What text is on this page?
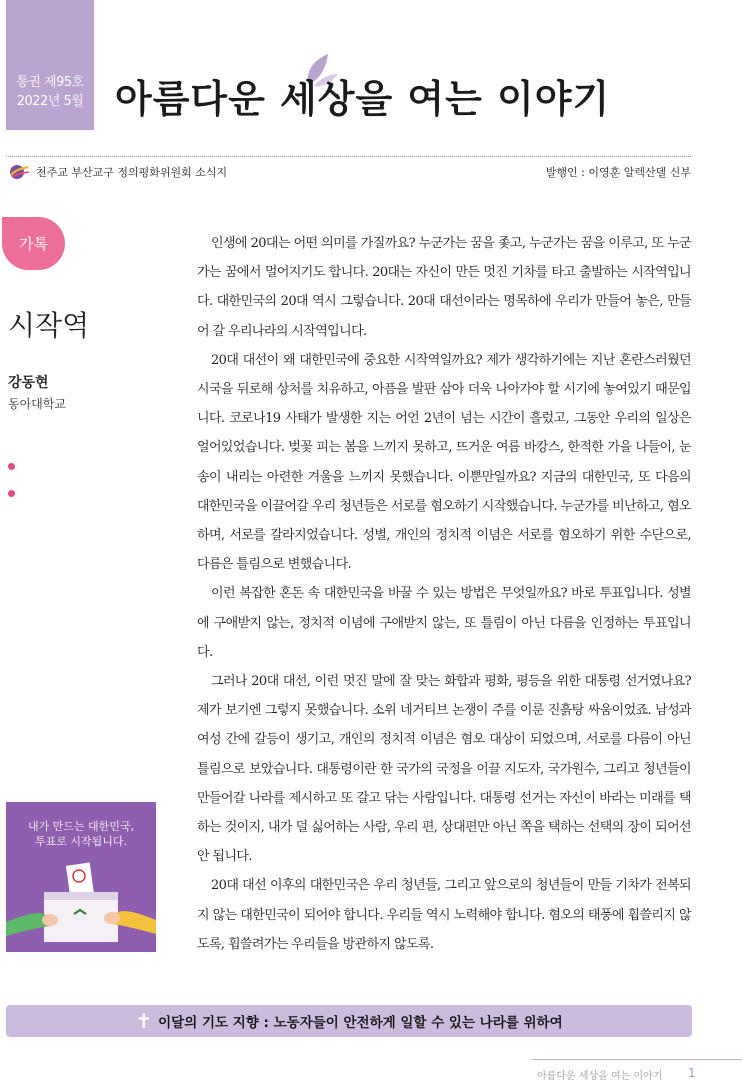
통권 제95호
2022년 5월 아름다운 세상을 여는 이야기
천주교 부산교구 정의평화위원회 소식지	발행인 : 이영훈 알렉산델 신부
가톡
시작역
강동현
동아대학교
내가 만드는 대한민국,
투표로 시작됩니다.

인생에 20대는 어떤 의미를 가질까요? 누군가는 꿈을 좇고, 누군가는 꿈을 이루고, 또 누군가는 꿈에서 멀어지기도 합니다. 20대는 자신이 만든 멋진 기차를 타고 출발하는 시작역입니다. 대한민국의 20대 역시 그렇습니다. 20대 대선이라는 명목하에 우리가 만들어 놓은, 만들어 갈 우리나라의 시작역입니다.

20대 대선이 왜 대한민국에 중요한 시작역일까요? 제가 생각하기에는 지난 혼란스러웠던 시국을 뒤로해 상처를 치유하고, 아픔을 발판 삼아 더욱 나아가야 할 시기에 놓여있기 때문입니다. 코로나19 사태가 발생한 지는 어언 2년이 넘는 시간이 흘렀고, 그동안 우리의 일상은 얼어있었습니다. 벚꽃 피는 봄을 느끼지 못하고, 뜨거운 여름 바캉스, 한적한 가을 나들이, 눈송이 내리는 아련한 겨울을 느끼지 못했습니다. 이뿐만일까요? 지금의 대한민국, 또 다음의 대한민국을 이끌어갈 우리 청년들은 서로를 혐오하기 시작했습니다. 누군가를 비난하고, 혐오하며, 서로를 갈라지었습니다. 성별, 개인의 정치적 이념은 서로를 혐오하기 위한 수단으로, 다름은 틀림으로 변했습니다.

이런 복잡한 혼돈 속 대한민국을 바꿀 수 있는 방법은 무엇일까요? 바로 투표입니다. 성별에 구애받지 않는, 정치적 이념에 구애받지 않는, 또 틀림이 아닌 다름을 인정하는 투표입니다.

그러나 20대 대선, 이런 멋진 말에 잘 맞는 화합과 평화, 평등을 위한 대통령 선거였나요? 제가 보기엔 그렇지 못했습니다. 소위 네거티브 논쟁이 주를 이룬 진흙탕 싸움이었죠. 남성과 여성 간에 갈등이 생기고, 개인의 정치적 이념은 혐오 대상이 되었으며, 서로를 다름이 아닌 틀림으로 보았습니다. 대통령이란 한 국가의 국정을 이끌 지도자, 국가원수, 그리고 청년들이 만들어갈 나라를 제시하고 또 갈고 닦는 사람입니다. 대통령 선거는 자신이 바라는 미래를 택하는 것이지, 내가 덜 싫어하는 사람, 우리 편, 상대편만 아닌 쪽을 택하는 선택의 장이 되어선 안 됩니다.

20대 대선 이후의 대한민국은 우리 청년들, 그리고 앞으로의 청년들이 만들 기차가 전복되지 않는 대한민국이 되어야 합니다. 우리들 역시 노력해야 합니다. 혐오의 태풍에 휩쓸리지 않도록, 휩쓸려가는 우리들을 방관하지 않도록.

✝ 이달의 기도 지향 : 노동자들이 안전하게 일할 수 있는 나라를 위하여
아름다운 세상을 여는 이야기 1
